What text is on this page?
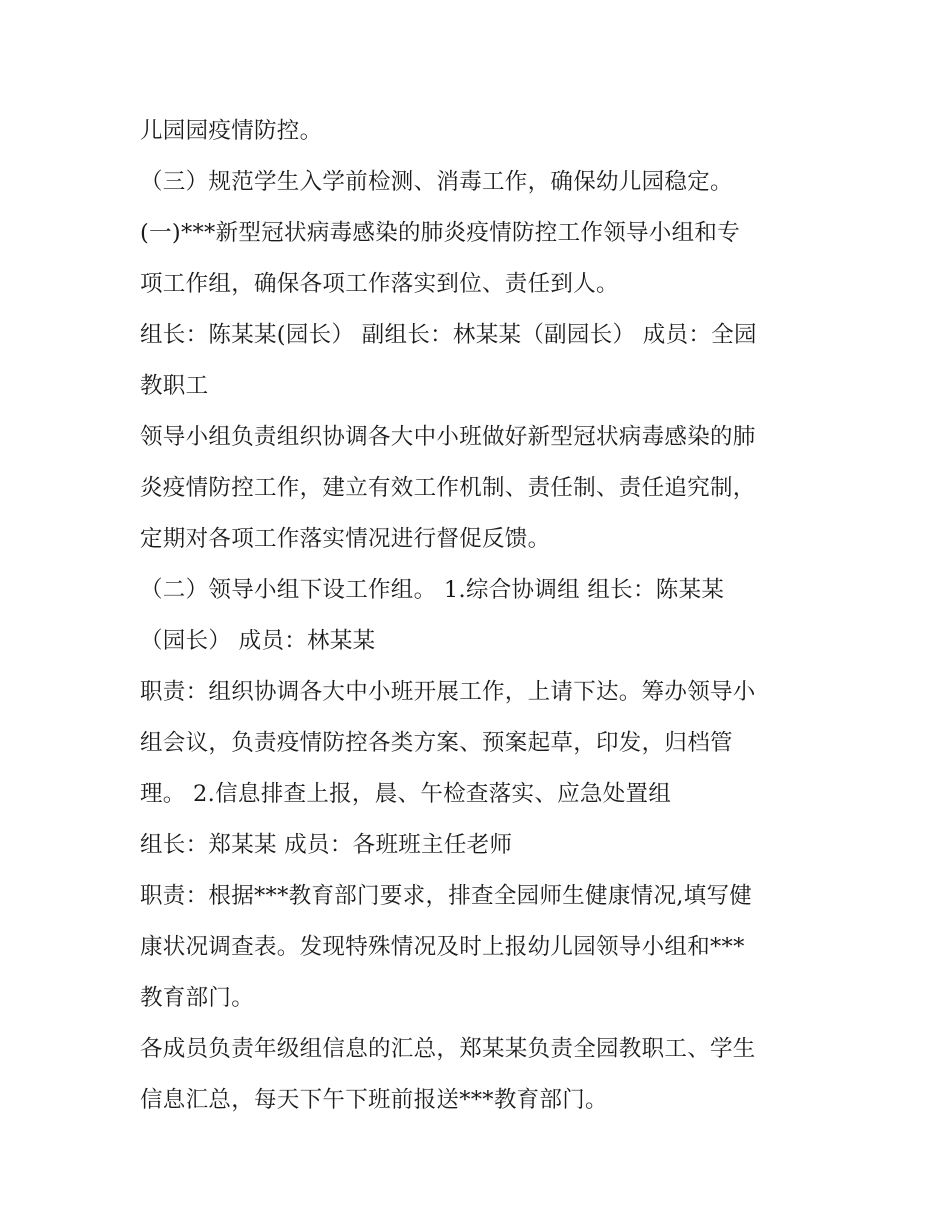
儿园园疫情防控。
（三）规范学生入学前检测、消毒工作，确保幼儿园稳定。
(一)***新型冠状病毒感染的肺炎疫情防控工作领导小组和专
项工作组，确保各项工作落实到位、责任到人。
组长：陈某某(园长） 副组长：林某某（副园长） 成员：全园
教职工
领导小组负责组织协调各大中小班做好新型冠状病毒感染的肺
炎疫情防控工作，建立有效工作机制、责任制、责任追究制，
定期对各项工作落实情况进行督促反馈。
（二）领导小组下设工作组。 1.综合协调组 组长：陈某某
（园长） 成员：林某某
职责：组织协调各大中小班开展工作，上请下达。筹办领导小
组会议，负责疫情防控各类方案、预案起草，印发，归档管
理。 2.信息排查上报，晨、午检查落实、应急处置组
组长：郑某某 成员：各班班主任老师
职责：根据***教育部门要求，排查全园师生健康情况,填写健
康状况调查表。发现特殊情况及时上报幼儿园领导小组和***
教育部门。
各成员负责年级组信息的汇总，郑某某负责全园教职工、学生
信息汇总，每天下午下班前报送***教育部门。
